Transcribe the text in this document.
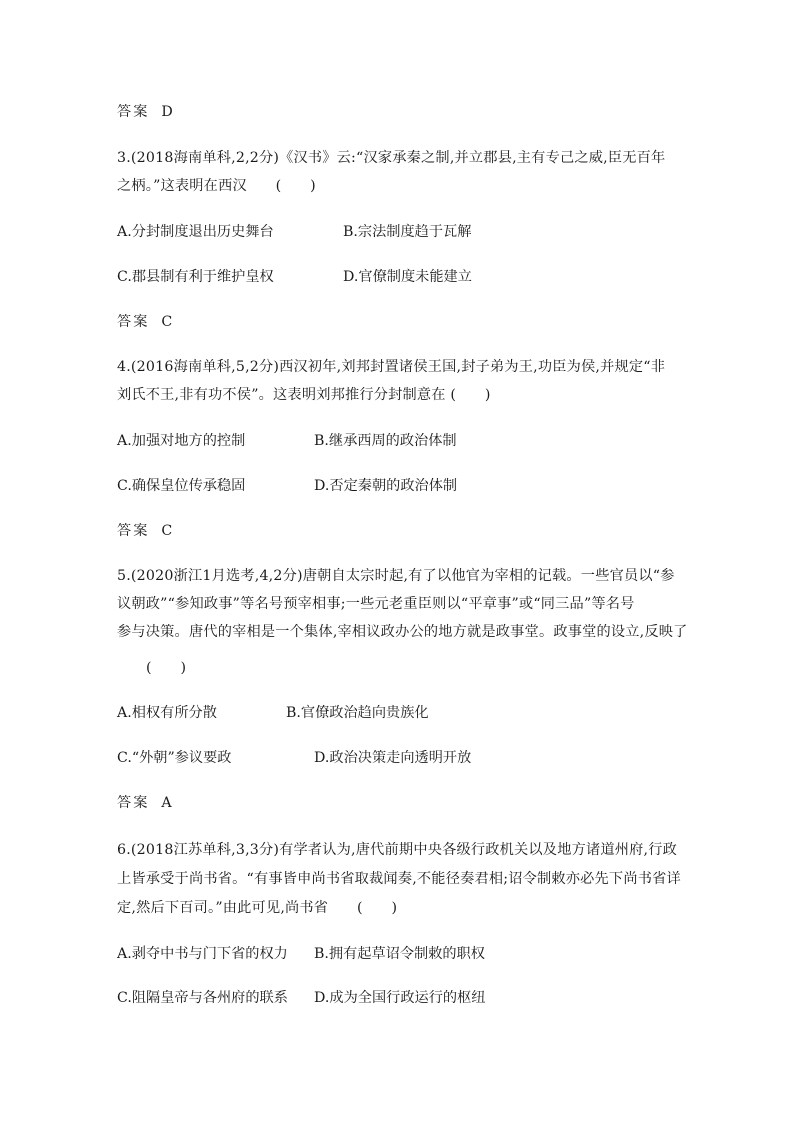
答案 D
3.(2018海南单科,2,2分)《汉书》云:“汉家承秦之制,并立郡县,主有专己之威,臣无百年
之柄。”这表明在西汉　　(　　)
A.分封制度退出历史舞台	B.宗法制度趋于瓦解
C.郡县制有利于维护皇权	D.官僚制度未能建立
答案 C
4.(2016海南单科,5,2分)西汉初年,刘邦封置诸侯王国,封子弟为王,功臣为侯,并规定“非
刘氏不王,非有功不侯”。这表明刘邦推行分封制意在 (　　)
A.加强对地方的控制	B.继承西周的政治体制
C.确保皇位传承稳固	D.否定秦朝的政治体制
答案 C
5.(2020浙江1月选考,4,2分)唐朝自太宗时起,有了以他官为宰相的记载。一些官员以“参
议朝政”“参知政事”等名号预宰相事;一些元老重臣则以“平章事”或“同三品”等名号
参与决策。唐代的宰相是一个集体,宰相议政办公的地方就是政事堂。政事堂的设立,反映了
(　　)
A.相权有所分散	B.官僚政治趋向贵族化
C.“外朝”参议要政	D.政治决策走向透明开放
答案 A
6.(2018江苏单科,3,3分)有学者认为,唐代前期中央各级行政机关以及地方诸道州府,行政
上皆承受于尚书省。“有事皆申尚书省取裁闻奏,不能径奏君相;诏令制敕亦必先下尚书省详
定,然后下百司。”由此可见,尚书省　　(　　)
A.剥夺中书与门下省的权力 B.拥有起草诏令制敕的职权
C.阻隔皇帝与各州府的联系 D.成为全国行政运行的枢纽
